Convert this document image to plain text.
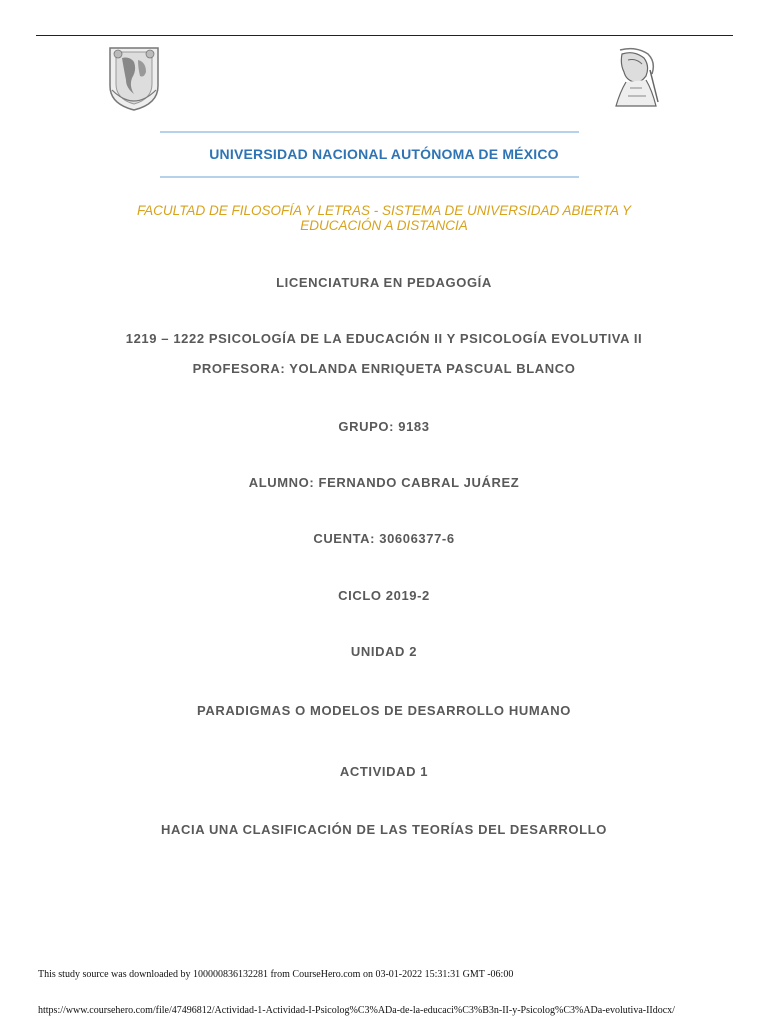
UNIVERSIDAD NACIONAL AUTÓNOMA DE MÉXICO
FACULTAD DE FILOSOFÍA Y LETRAS - SISTEMA DE UNIVERSIDAD ABIERTA Y
EDUCACIÓN A DISTANCIA
LICENCIATURA EN PEDAGOGÍA
1219 – 1222 PSICOLOGÍA DE LA EDUCACIÓN II Y PSICOLOGÍA EVOLUTIVA II
PROFESORA: YOLANDA ENRIQUETA PASCUAL BLANCO
GRUPO: 9183
ALUMNO: FERNANDO CABRAL JUÁREZ
CUENTA: 30606377-6
CICLO 2019-2
UNIDAD 2
PARADIGMAS O MODELOS DE DESARROLLO HUMANO
ACTIVIDAD 1
HACIA UNA CLASIFICACIÓN DE LAS TEORÍAS DEL DESARROLLO
This study source was downloaded by 100000836132281 from CourseHero.com on 03-01-2022 15:31:31 GMT -06:00
https://www.coursehero.com/file/47496812/Actividad-1-Actividad-I-Psicolog%C3%ADa-de-la-educaci%C3%B3n-II-y-Psicolog%C3%ADa-evolutiva-IIdocx/
